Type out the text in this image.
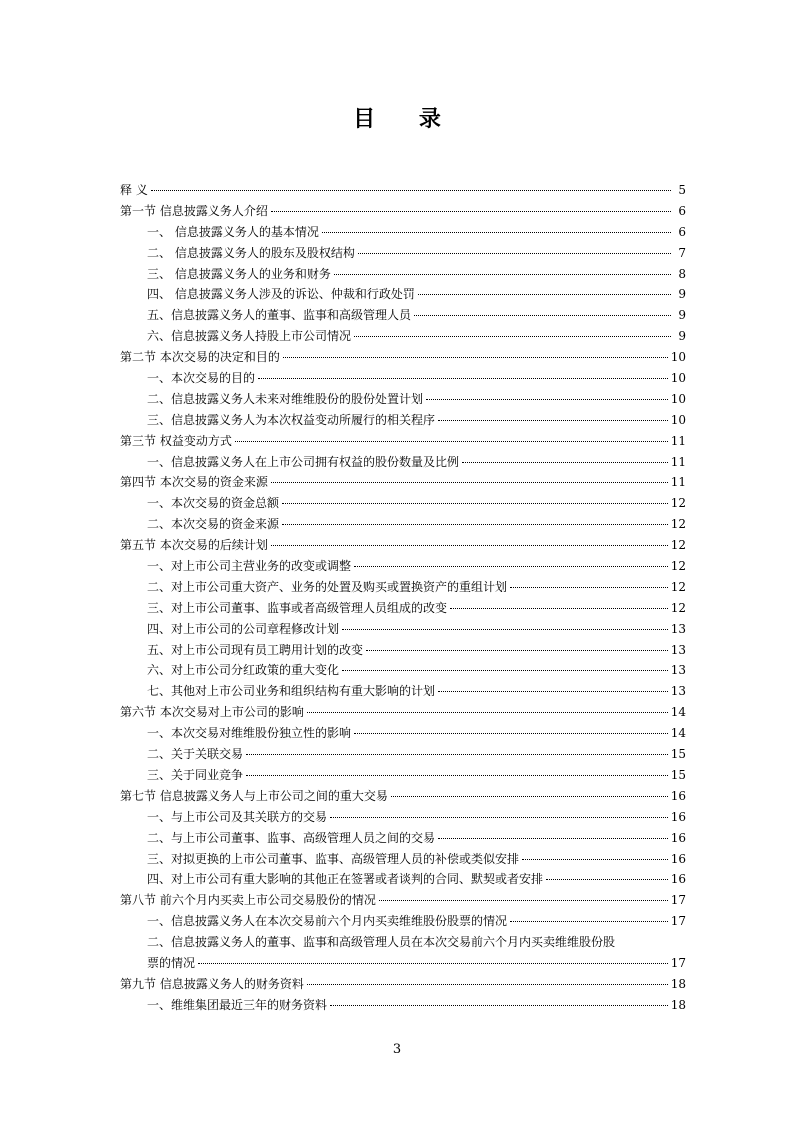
目 录
释 义	5
第一节 信息披露义务人介绍	6
一、 信息披露义务人的基本情况	6
二、 信息披露义务人的股东及股权结构	7
三、 信息披露义务人的业务和财务	8
四、 信息披露义务人涉及的诉讼、仲裁和行政处罚	9
五、信息披露义务人的董事、监事和高级管理人员	9
六、信息披露义务人持股上市公司情况	9
第二节 本次交易的决定和目的	10
一、本次交易的目的	10
二、信息披露义务人未来对维维股份的股份处置计划	10
三、信息披露义务人为本次权益变动所履行的相关程序	10
第三节 权益变动方式	11
一、信息披露义务人在上市公司拥有权益的股份数量及比例	11
第四节 本次交易的资金来源	11
一、本次交易的资金总额	12
二、本次交易的资金来源	12
第五节 本次交易的后续计划	12
一、对上市公司主营业务的改变或调整	12
二、对上市公司重大资产、业务的处置及购买或置换资产的重组计划	12
三、对上市公司董事、监事或者高级管理人员组成的改变	12
四、对上市公司的公司章程修改计划	13
五、对上市公司现有员工聘用计划的改变	13
六、对上市公司分红政策的重大变化	13
七、其他对上市公司业务和组织结构有重大影响的计划	13
第六节 本次交易对上市公司的影响	14
一、本次交易对维维股份独立性的影响	14
二、关于关联交易	15
三、关于同业竞争	15
第七节 信息披露义务人与上市公司之间的重大交易	16
一、与上市公司及其关联方的交易	16
二、与上市公司董事、监事、高级管理人员之间的交易	16
三、对拟更换的上市公司董事、监事、高级管理人员的补偿或类似安排	16
四、对上市公司有重大影响的其他正在签署或者谈判的合同、默契或者安排	16
第八节 前六个月内买卖上市公司交易股份的情况	17
一、信息披露义务人在本次交易前六个月内买卖维维股份股票的情况	17
二、信息披露义务人的董事、监事和高级管理人员在本次交易前六个月内买卖维维股份股
票的情况	17
第九节 信息披露义务人的财务资料	18
一、维维集团最近三年的财务资料	18
3
